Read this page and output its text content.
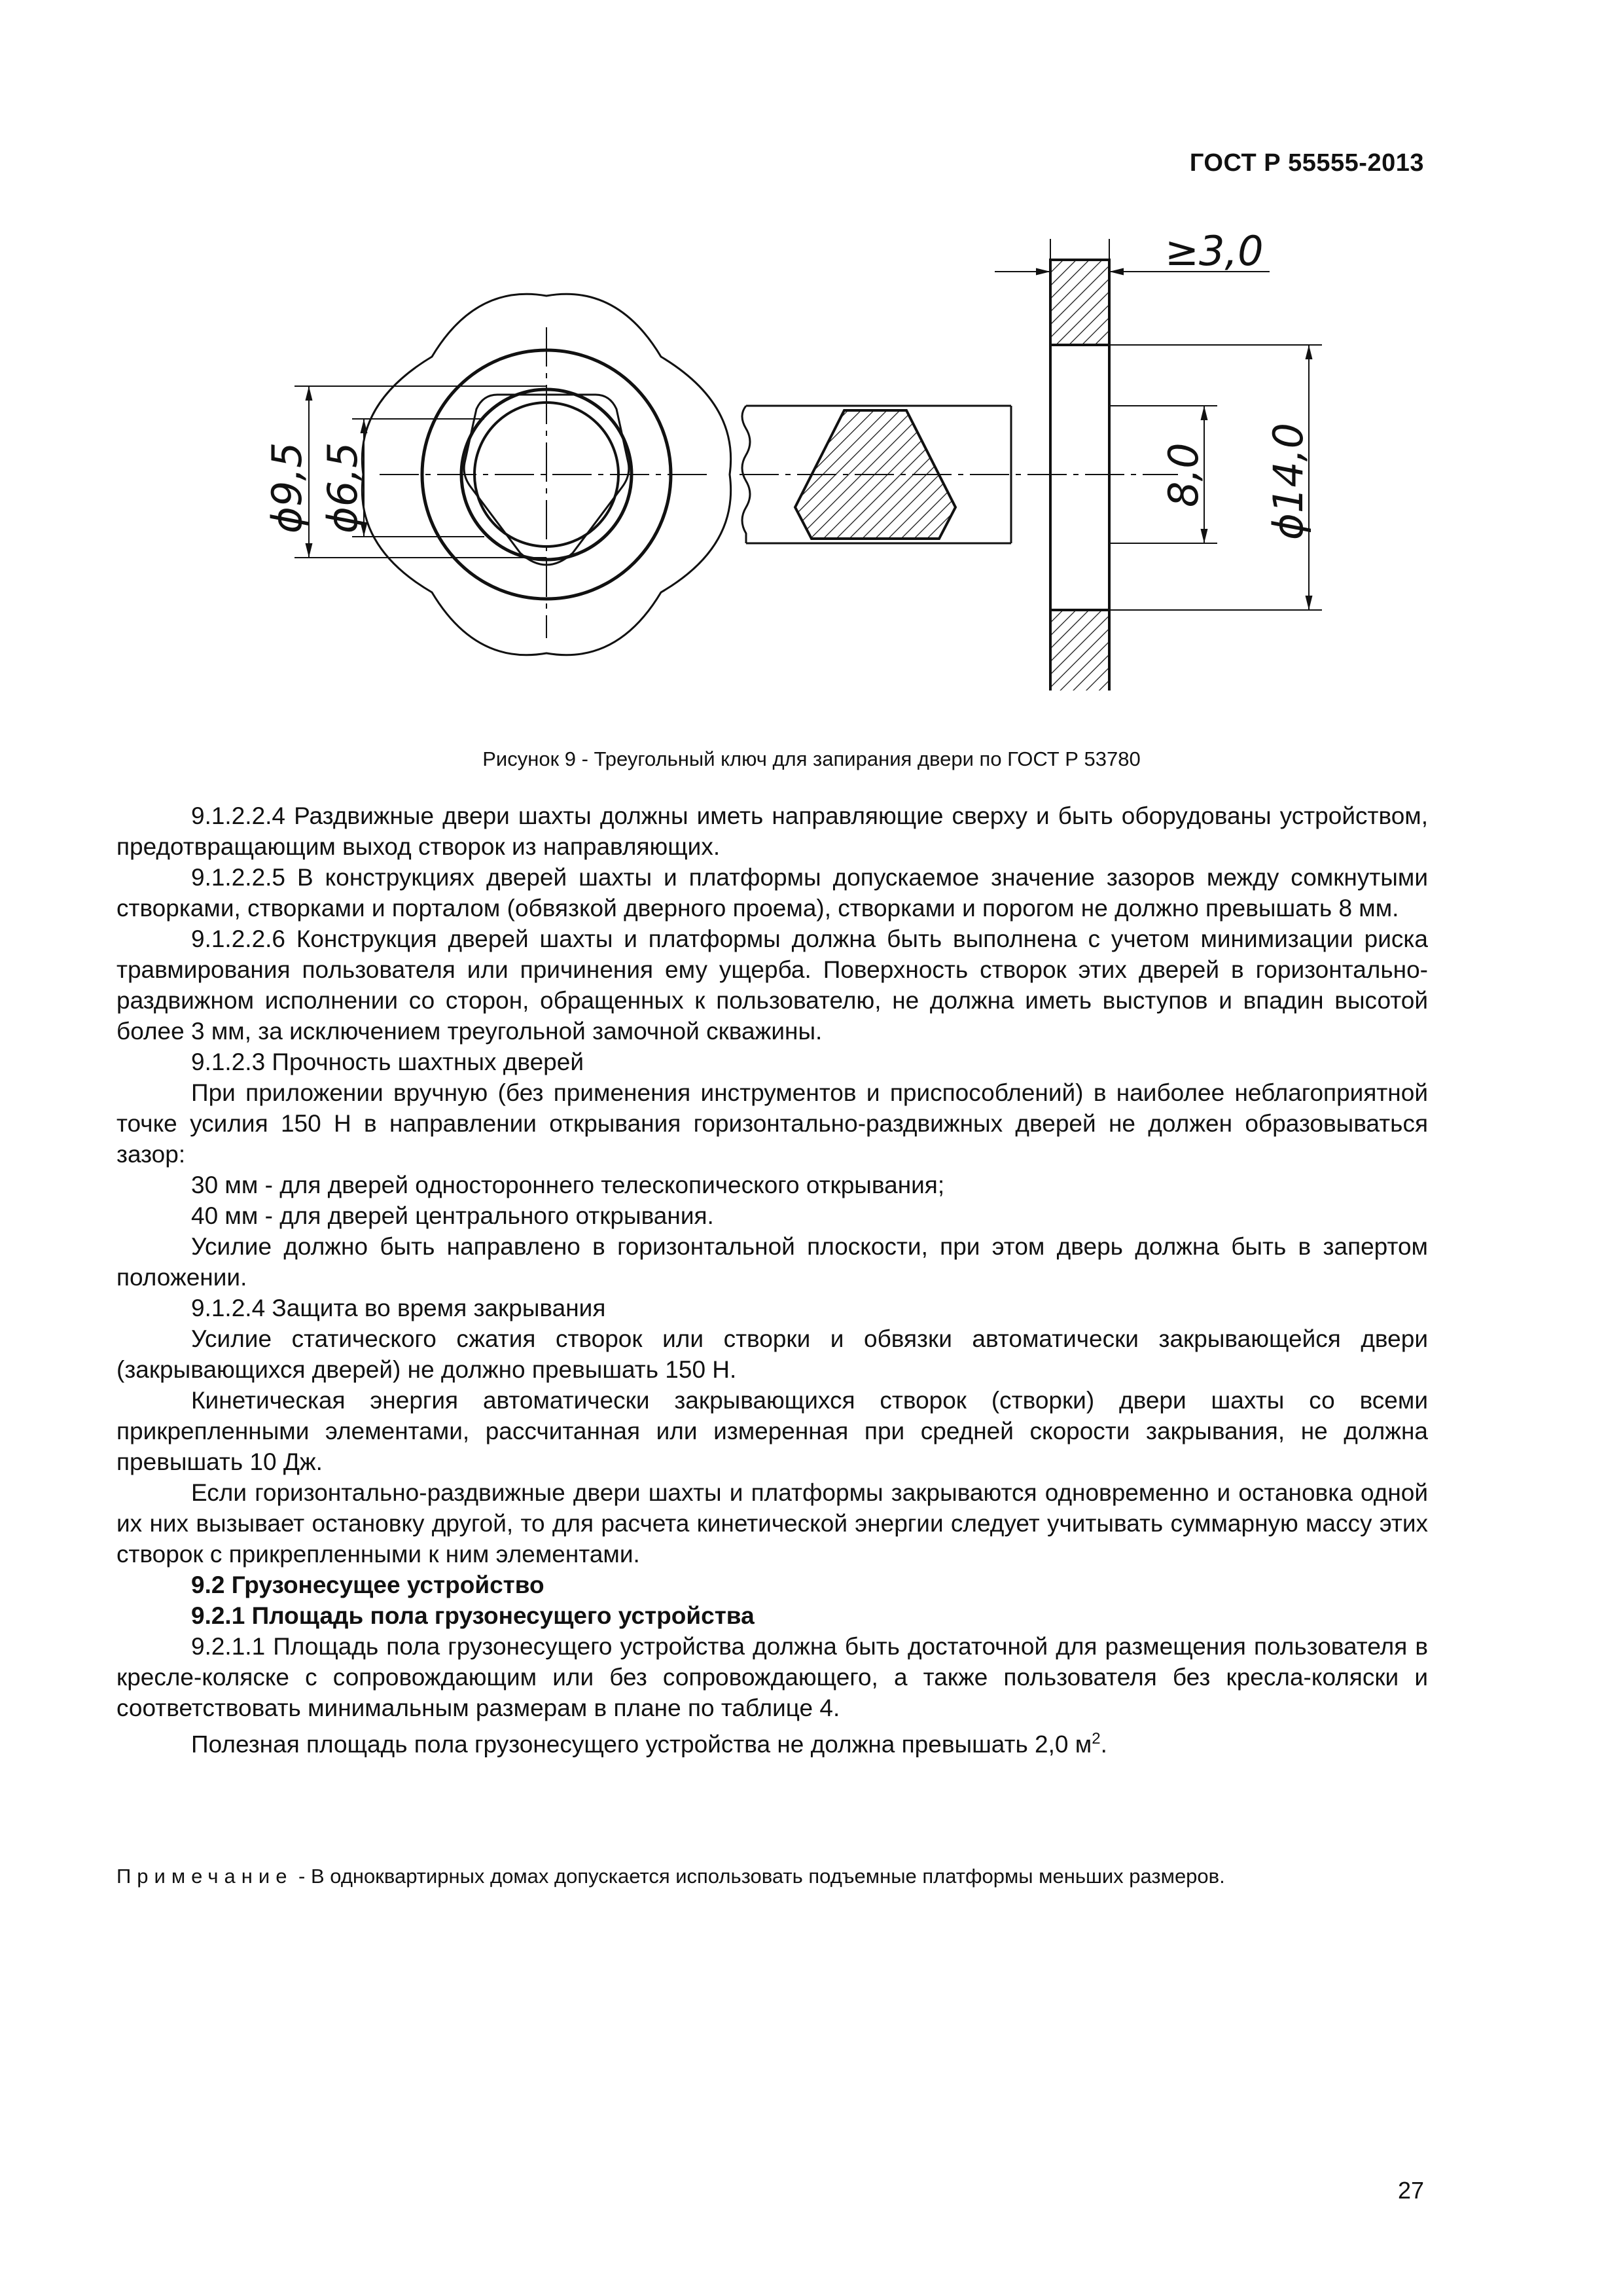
ГОСТ Р 55555-2013
ϕ9,5 ϕ6,5
≥3,0
8,0 ϕ14,0
Рисунок 9 - Треугольный ключ для запирания двери по ГОСТ Р 53780

9.1.2.2.4 Раздвижные двери шахты должны иметь направляющие сверху и быть оборудованы устройством, предотвращающим выход створок из направляющих.

9.1.2.2.5 В конструкциях дверей шахты и платформы допускаемое значение зазоров между сомкнутыми створками, створками и порталом (обвязкой дверного проема), створками и порогом не должно превышать 8 мм.

9.1.2.2.6 Конструкция дверей шахты и платформы должна быть выполнена с учетом минимизации риска травмирования пользователя или причинения ему ущерба. Поверхность створок этих дверей в горизонтально-раздвижном исполнении со сторон, обращенных к пользователю, не должна иметь выступов и впадин высотой более 3 мм, за исключением треугольной замочной скважины.

9.1.2.3 Прочность шахтных дверей

При приложении вручную (без применения инструментов и приспособлений) в наиболее неблагоприятной точке усилия 150 Н в направлении открывания горизонтально-раздвижных дверей не должен образовываться зазор:

30 мм - для дверей одностороннего телескопического открывания;

40 мм - для дверей центрального открывания.

Усилие должно быть направлено в горизонтальной плоскости, при этом дверь должна быть в запертом положении.

9.1.2.4 Защита во время закрывания

Усилие статического сжатия створок или створки и обвязки автоматически закрывающейся двери (закрывающихся дверей) не должно превышать 150 Н.

Кинетическая энергия автоматически закрывающихся створок (створки) двери шахты со всеми прикрепленными элементами, рассчитанная или измеренная при средней скорости закрывания, не должна превышать 10 Дж.

Если горизонтально-раздвижные двери шахты и платформы закрываются одновременно и остановка одной их них вызывает остановку другой, то для расчета кинетической энергии следует учитывать суммарную массу этих створок с прикрепленными к ним элементами.

9.2 Грузонесущее устройство

9.2.1 Площадь пола грузонесущего устройства

9.2.1.1 Площадь пола грузонесущего устройства должна быть достаточной для размещения пользователя в кресле-коляске с сопровождающим или без сопровождающего, а также пользователя без кресла-коляски и соответствовать минимальным размерам в плане по таблице 4.

Полезная площадь пола грузонесущего устройства не должна превышать 2,0 $м^2$.

Примечание - В одноквартирных домах допускается использовать подъемные платформы меньших размеров.
27
